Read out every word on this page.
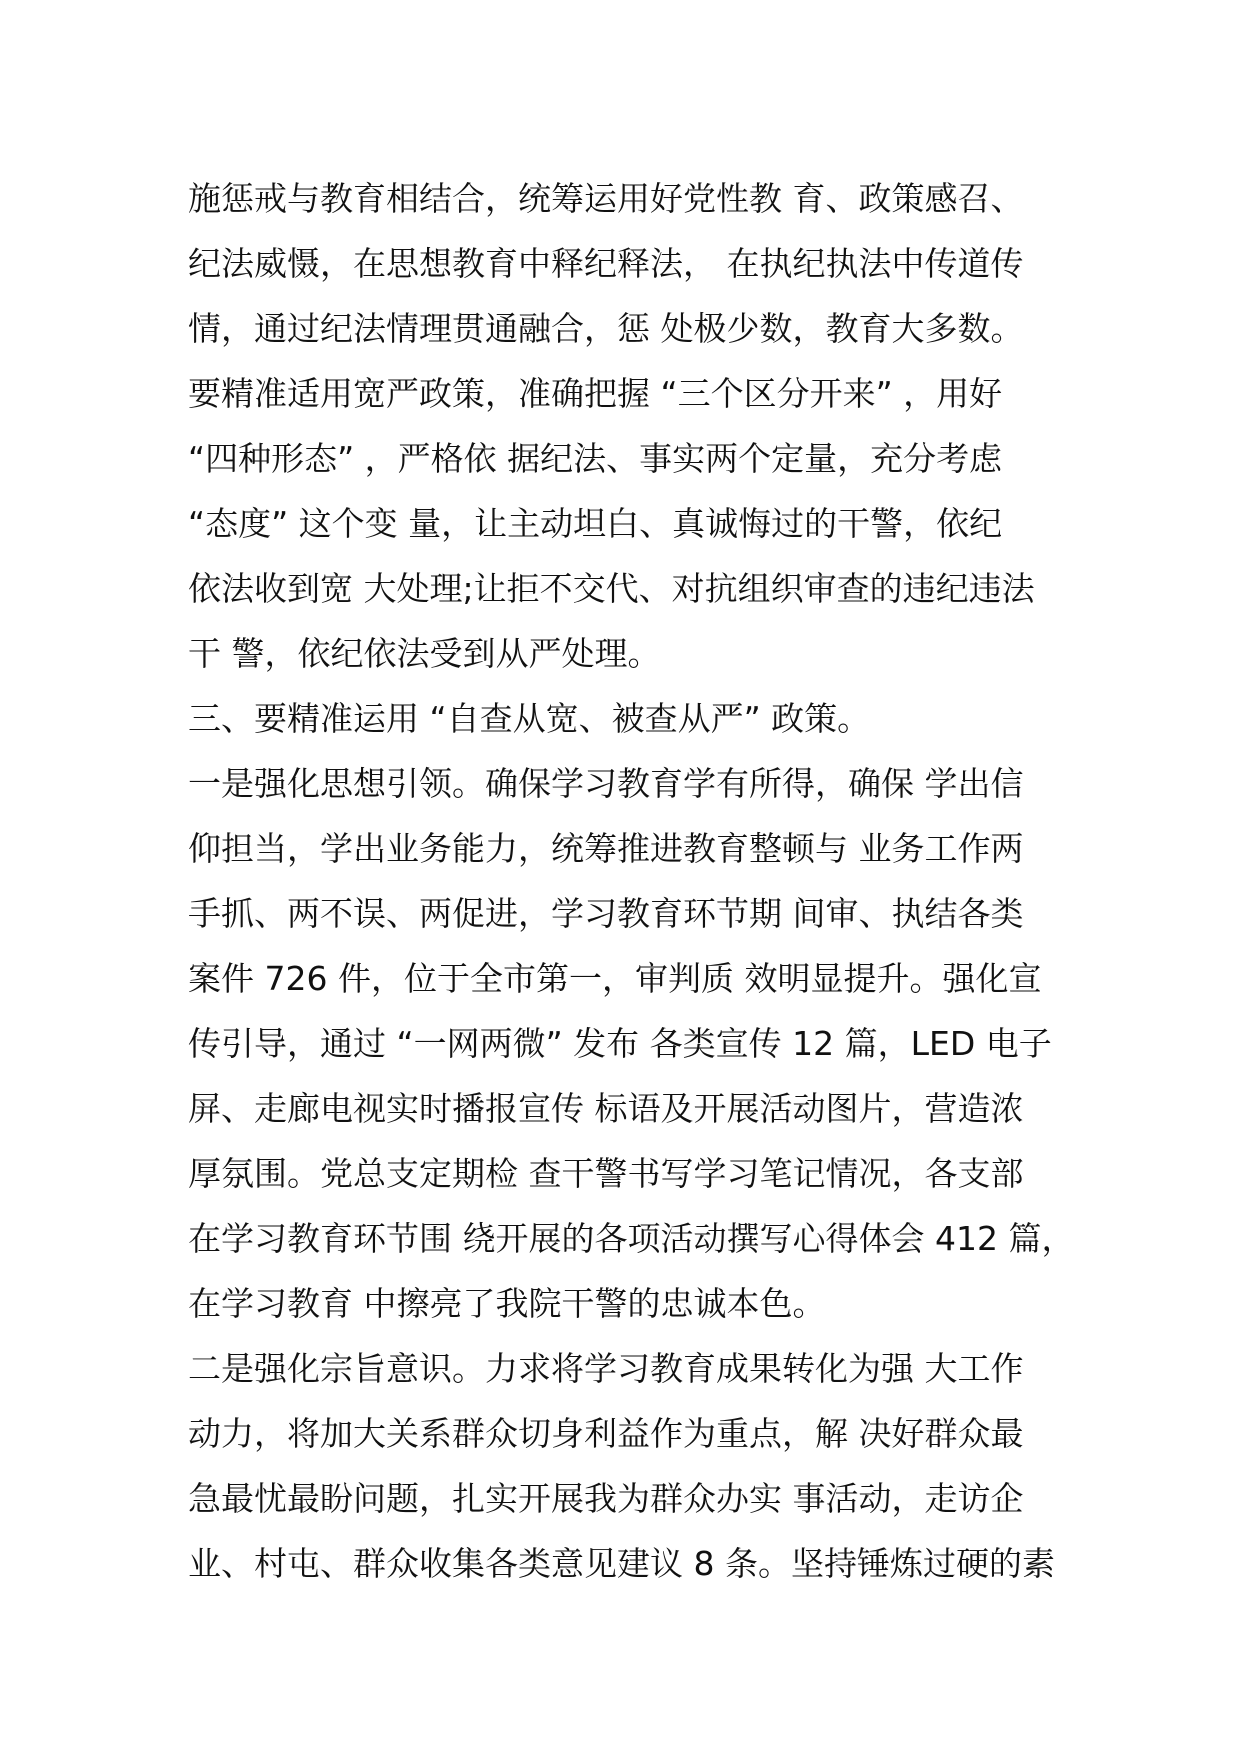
施惩戒与教育相结合，统筹运用好党性教 育、政策感召、
纪法威慑，在思想教育中释纪释法， 在执纪执法中传道传
情，通过纪法情理贯通融合，惩 处极少数，教育大多数。
要精准适用宽严政策，准确把握 “三个区分开来” ，用好
“四种形态” ，严格依 据纪法、事实两个定量，充分考虑
“态度” 这个变 量，让主动坦白、真诚悔过的干警，依纪
依法收到宽 大处理;让拒不交代、对抗组织审查的违纪违法
干 警，依纪依法受到从严处理。
三、要精准运用 “自查从宽、被查从严” 政策。
一是强化思想引领。确保学习教育学有所得，确保 学出信
仰担当，学出业务能力，统筹推进教育整顿与 业务工作两
手抓、两不误、两促进，学习教育环节期 间审、执结各类
案件 726 件，位于全市第一，审判质 效明显提升。强化宣
传引导，通过 “一网两微” 发布 各类宣传 12 篇，LED 电子
屏、走廊电视实时播报宣传 标语及开展活动图片，营造浓
厚氛围。党总支定期检 查干警书写学习笔记情况，各支部
在学习教育环节围 绕开展的各项活动撰写心得体会 412 篇，
在学习教育 中擦亮了我院干警的忠诚本色。
二是强化宗旨意识。力求将学习教育成果转化为强 大工作
动力，将加大关系群众切身利益作为重点，解 决好群众最
急最忧最盼问题，扎实开展我为群众办实 事活动，走访企
业、村屯、群众收集各类意见建议 8 条。坚持锤炼过硬的素
